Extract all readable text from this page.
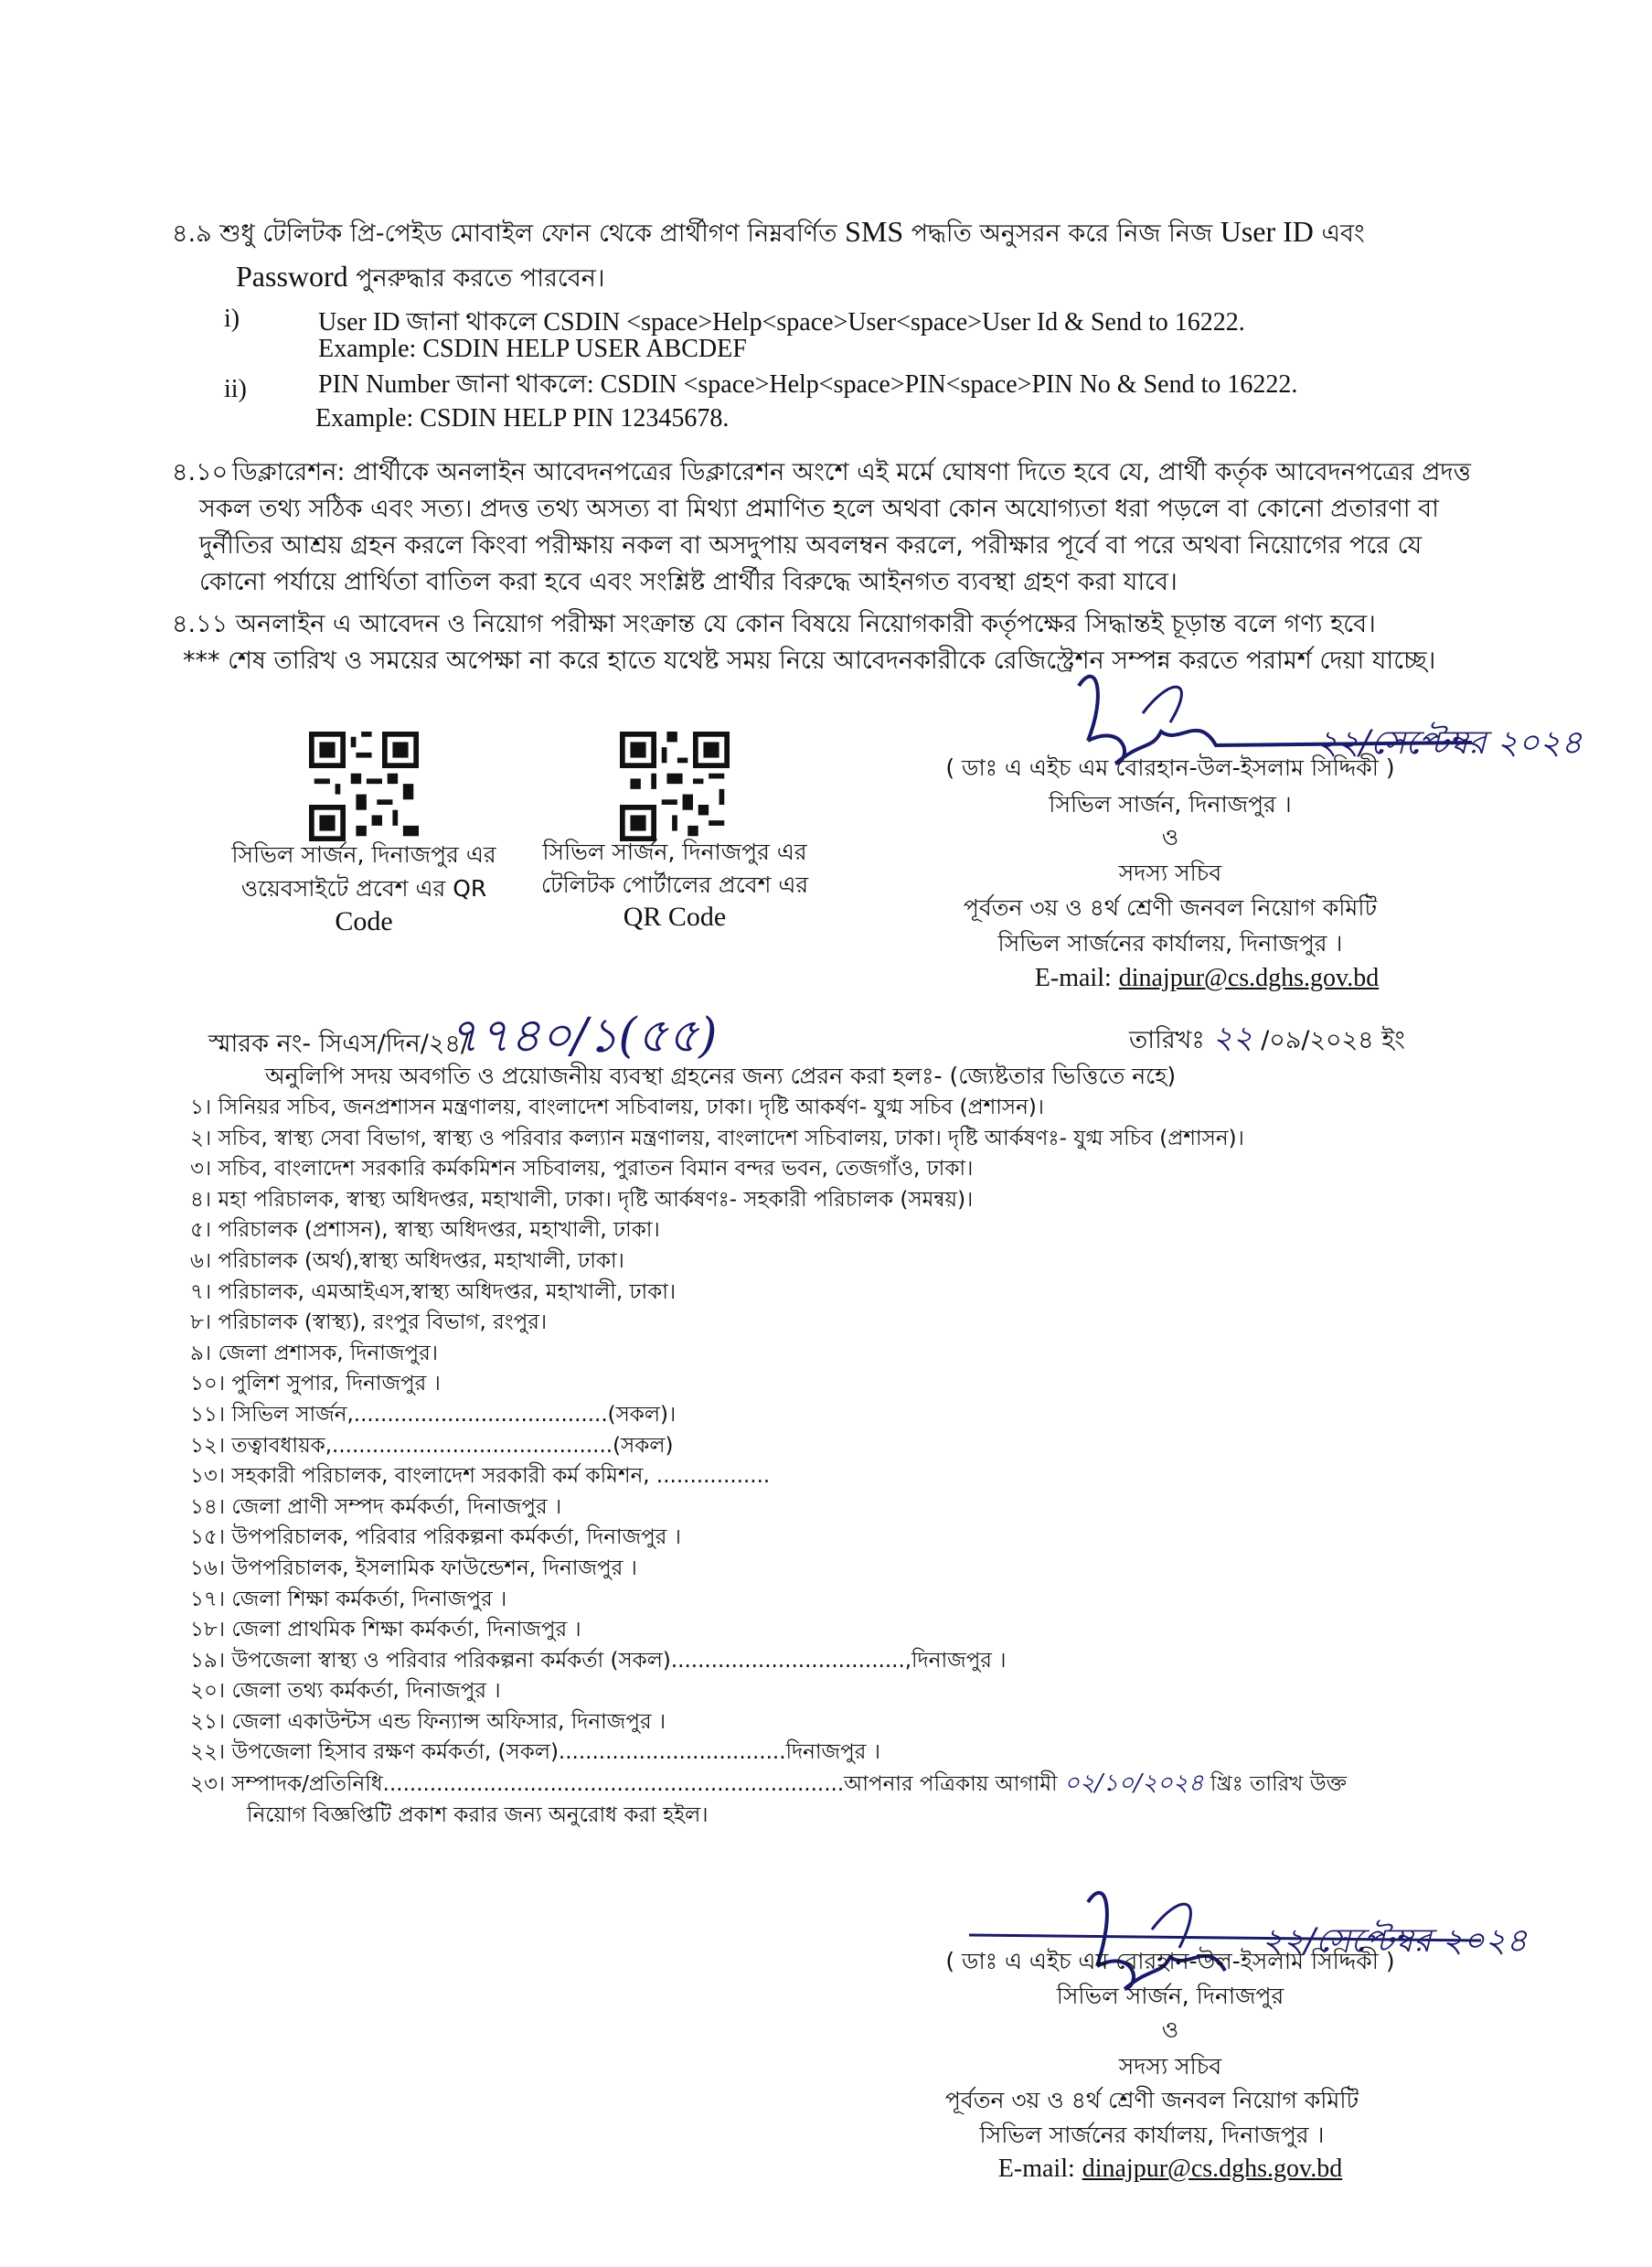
৪.৯ শুধু টেলিটক প্রি-পেইড মোবাইল ফোন থেকে প্রার্থীগণ নিম্নবর্ণিত SMS পদ্ধতি অনুসরন করে নিজ নিজ User ID এবং
Password পুনরুদ্ধার করতে পারবেন।
i)	User ID জানা থাকলে CSDIN <space>Help<space>User<space>User Id & Send to 16222.
Example: CSDIN HELP USER ABCDEF
ii)	PIN Number জানা থাকলে: CSDIN <space>Help<space>PIN<space>PIN No & Send to 16222.
Example: CSDIN HELP PIN 12345678.
৪.১০ ডিক্লারেশন: প্রার্থীকে অনলাইন আবেদনপত্রের ডিক্লারেশন অংশে এই মর্মে ঘোষণা দিতে হবে যে, প্রার্থী কর্তৃক আবেদনপত্রের প্রদত্ত
সকল তথ্য সঠিক এবং সত্য। প্রদত্ত তথ্য অসত্য বা মিথ্যা প্রমাণিত হলে অথবা কোন অযোগ্যতা ধরা পড়লে বা কোনো প্রতারণা বা
দুর্নীতির আশ্রয় গ্রহন করলে কিংবা পরীক্ষায় নকল বা অসদুপায় অবলম্বন করলে, পরীক্ষার পূর্বে বা পরে অথবা নিয়োগের পরে যে
কোনো পর্যায়ে প্রার্থিতা বাতিল করা হবে এবং সংশ্লিষ্ট প্রার্থীর বিরুদ্ধে আইনগত ব্যবস্থা গ্রহণ করা যাবে।
৪.১১ অনলাইন এ আবেদন ও নিয়োগ পরীক্ষা সংক্রান্ত যে কোন বিষয়ে নিয়োগকারী কর্তৃপক্ষের সিদ্ধান্তই চূড়ান্ত বলে গণ্য হবে।
*** শেষ তারিখ ও সময়ের অপেক্ষা না করে হাতে যথেষ্ট সময় নিয়ে আবেদনকারীকে রেজিস্ট্রেশন সম্পন্ন করতে পরামর্শ দেয়া যাচ্ছে।
২২/সেপ্টেম্বর ২০২৪
( ডাঃ এ এইচ এম বোরহান-উল-ইসলাম সিদ্দিকী )
সিভিল সার্জন, দিনাজপুর ।
ও
সদস্য সচিব
পূর্বতন ৩য় ও ৪র্থ শ্রেণী জনবল নিয়োগ কমিটি
সিভিল সার্জনের কার্যালয়, দিনাজপুর ।
E-mail: dinajpur@cs.dghs.gov.bd
সিভিল সার্জন, দিনাজপুর এর
ওয়েবসাইটে প্রবেশ এর QR
Code
সিভিল সার্জন, দিনাজপুর এর
টেলিটক পোর্টালের প্রবেশ এর
QR Code
স্মারক নং- সিএস/দিন/২৪/
৭৭৪০/১(৫৫)	তারিখঃ ২২ /০৯/২০২৪ ইং
অনুলিপি সদয় অবগতি ও প্রয়োজনীয় ব্যবস্থা গ্রহনের জন্য প্রেরন করা হলঃ- (জ্যেষ্টতার ভিত্তিতে নহে)
১। সিনিয়র সচিব, জনপ্রশাসন মন্ত্রণালয়, বাংলাদেশ সচিবালয়, ঢাকা। দৃষ্টি আকর্ষণ- যুগ্ম সচিব (প্রশাসন)।
২। সচিব, স্বাস্থ্য সেবা বিভাগ, স্বাস্থ্য ও পরিবার কল্যান মন্ত্রণালয়, বাংলাদেশ সচিবালয়, ঢাকা। দৃষ্টি আর্কষণঃ- যুগ্ম সচিব (প্রশাসন)।
৩। সচিব, বাংলাদেশ সরকারি কর্মকমিশন সচিবালয়, পুরাতন বিমান বন্দর ভবন, তেজগাঁও, ঢাকা।
৪। মহা পরিচালক, স্বাস্থ্য অধিদপ্তর, মহাখালী, ঢাকা। দৃষ্টি আর্কষণঃ- সহকারী পরিচালক (সমন্বয়)।
৫। পরিচালক (প্রশাসন), স্বাস্থ্য অধিদপ্তর, মহাখালী, ঢাকা।
৬। পরিচালক (অর্থ),স্বাস্থ্য অধিদপ্তর, মহাখালী, ঢাকা।
৭। পরিচালক, এমআইএস,স্বাস্থ্য অধিদপ্তর, মহাখালী, ঢাকা।
৮। পরিচালক (স্বাস্থ্য), রংপুর বিভাগ, রংপুর।
৯। জেলা প্রশাসক, দিনাজপুর।
১০। পুলিশ সুপার, দিনাজপুর ।
১১। সিভিল সার্জন,......................................(সকল)।
১২। তত্বাবধায়ক,..........................................(সকল)
১৩। সহকারী পরিচালক, বাংলাদেশ সরকারী কর্ম কমিশন, .................
১৪। জেলা প্রাণী সম্পদ কর্মকর্তা, দিনাজপুর ।
১৫। উপপরিচালক, পরিবার পরিকল্পনা কর্মকর্তা, দিনাজপুর ।
১৬। উপপরিচালক, ইসলামিক ফাউন্ডেশন, দিনাজপুর ।
১৭। জেলা শিক্ষা কর্মকর্তা, দিনাজপুর ।
১৮। জেলা প্রাথমিক শিক্ষা কর্মকর্তা, দিনাজপুর ।
১৯। উপজেলা স্বাস্থ্য ও পরিবার পরিকল্পনা কর্মকর্তা (সকল)...................................,দিনাজপুর ।
২০। জেলা তথ্য কর্মকর্তা, দিনাজপুর ।
২১। জেলা একাউন্টস এন্ড ফিন্যান্স অফিসার, দিনাজপুর ।
২২। উপজেলা হিসাব রক্ষণ কর্মকর্তা, (সকল)..................................দিনাজপুর ।
২৩। সম্পাদক/প্রতিনিধি.....................................................................আপনার পত্রিকায় আগামী ০২/১০/২০২৪ খ্রিঃ তারিখ উক্ত
নিয়োগ বিজ্ঞপ্তিটি প্রকাশ করার জন্য অনুরোধ করা হইল।
২২/সেপ্টেম্বর ২০২৪
( ডাঃ এ এইচ এম বোরহান-উল-ইসলাম সিদ্দিকী )
সিভিল সার্জন, দিনাজপুর
ও
সদস্য সচিব
পূর্বতন ৩য় ও ৪র্থ শ্রেণী জনবল নিয়োগ কমিটি
সিভিল সার্জনের কার্যালয়, দিনাজপুর ।
E-mail: dinajpur@cs.dghs.gov.bd
